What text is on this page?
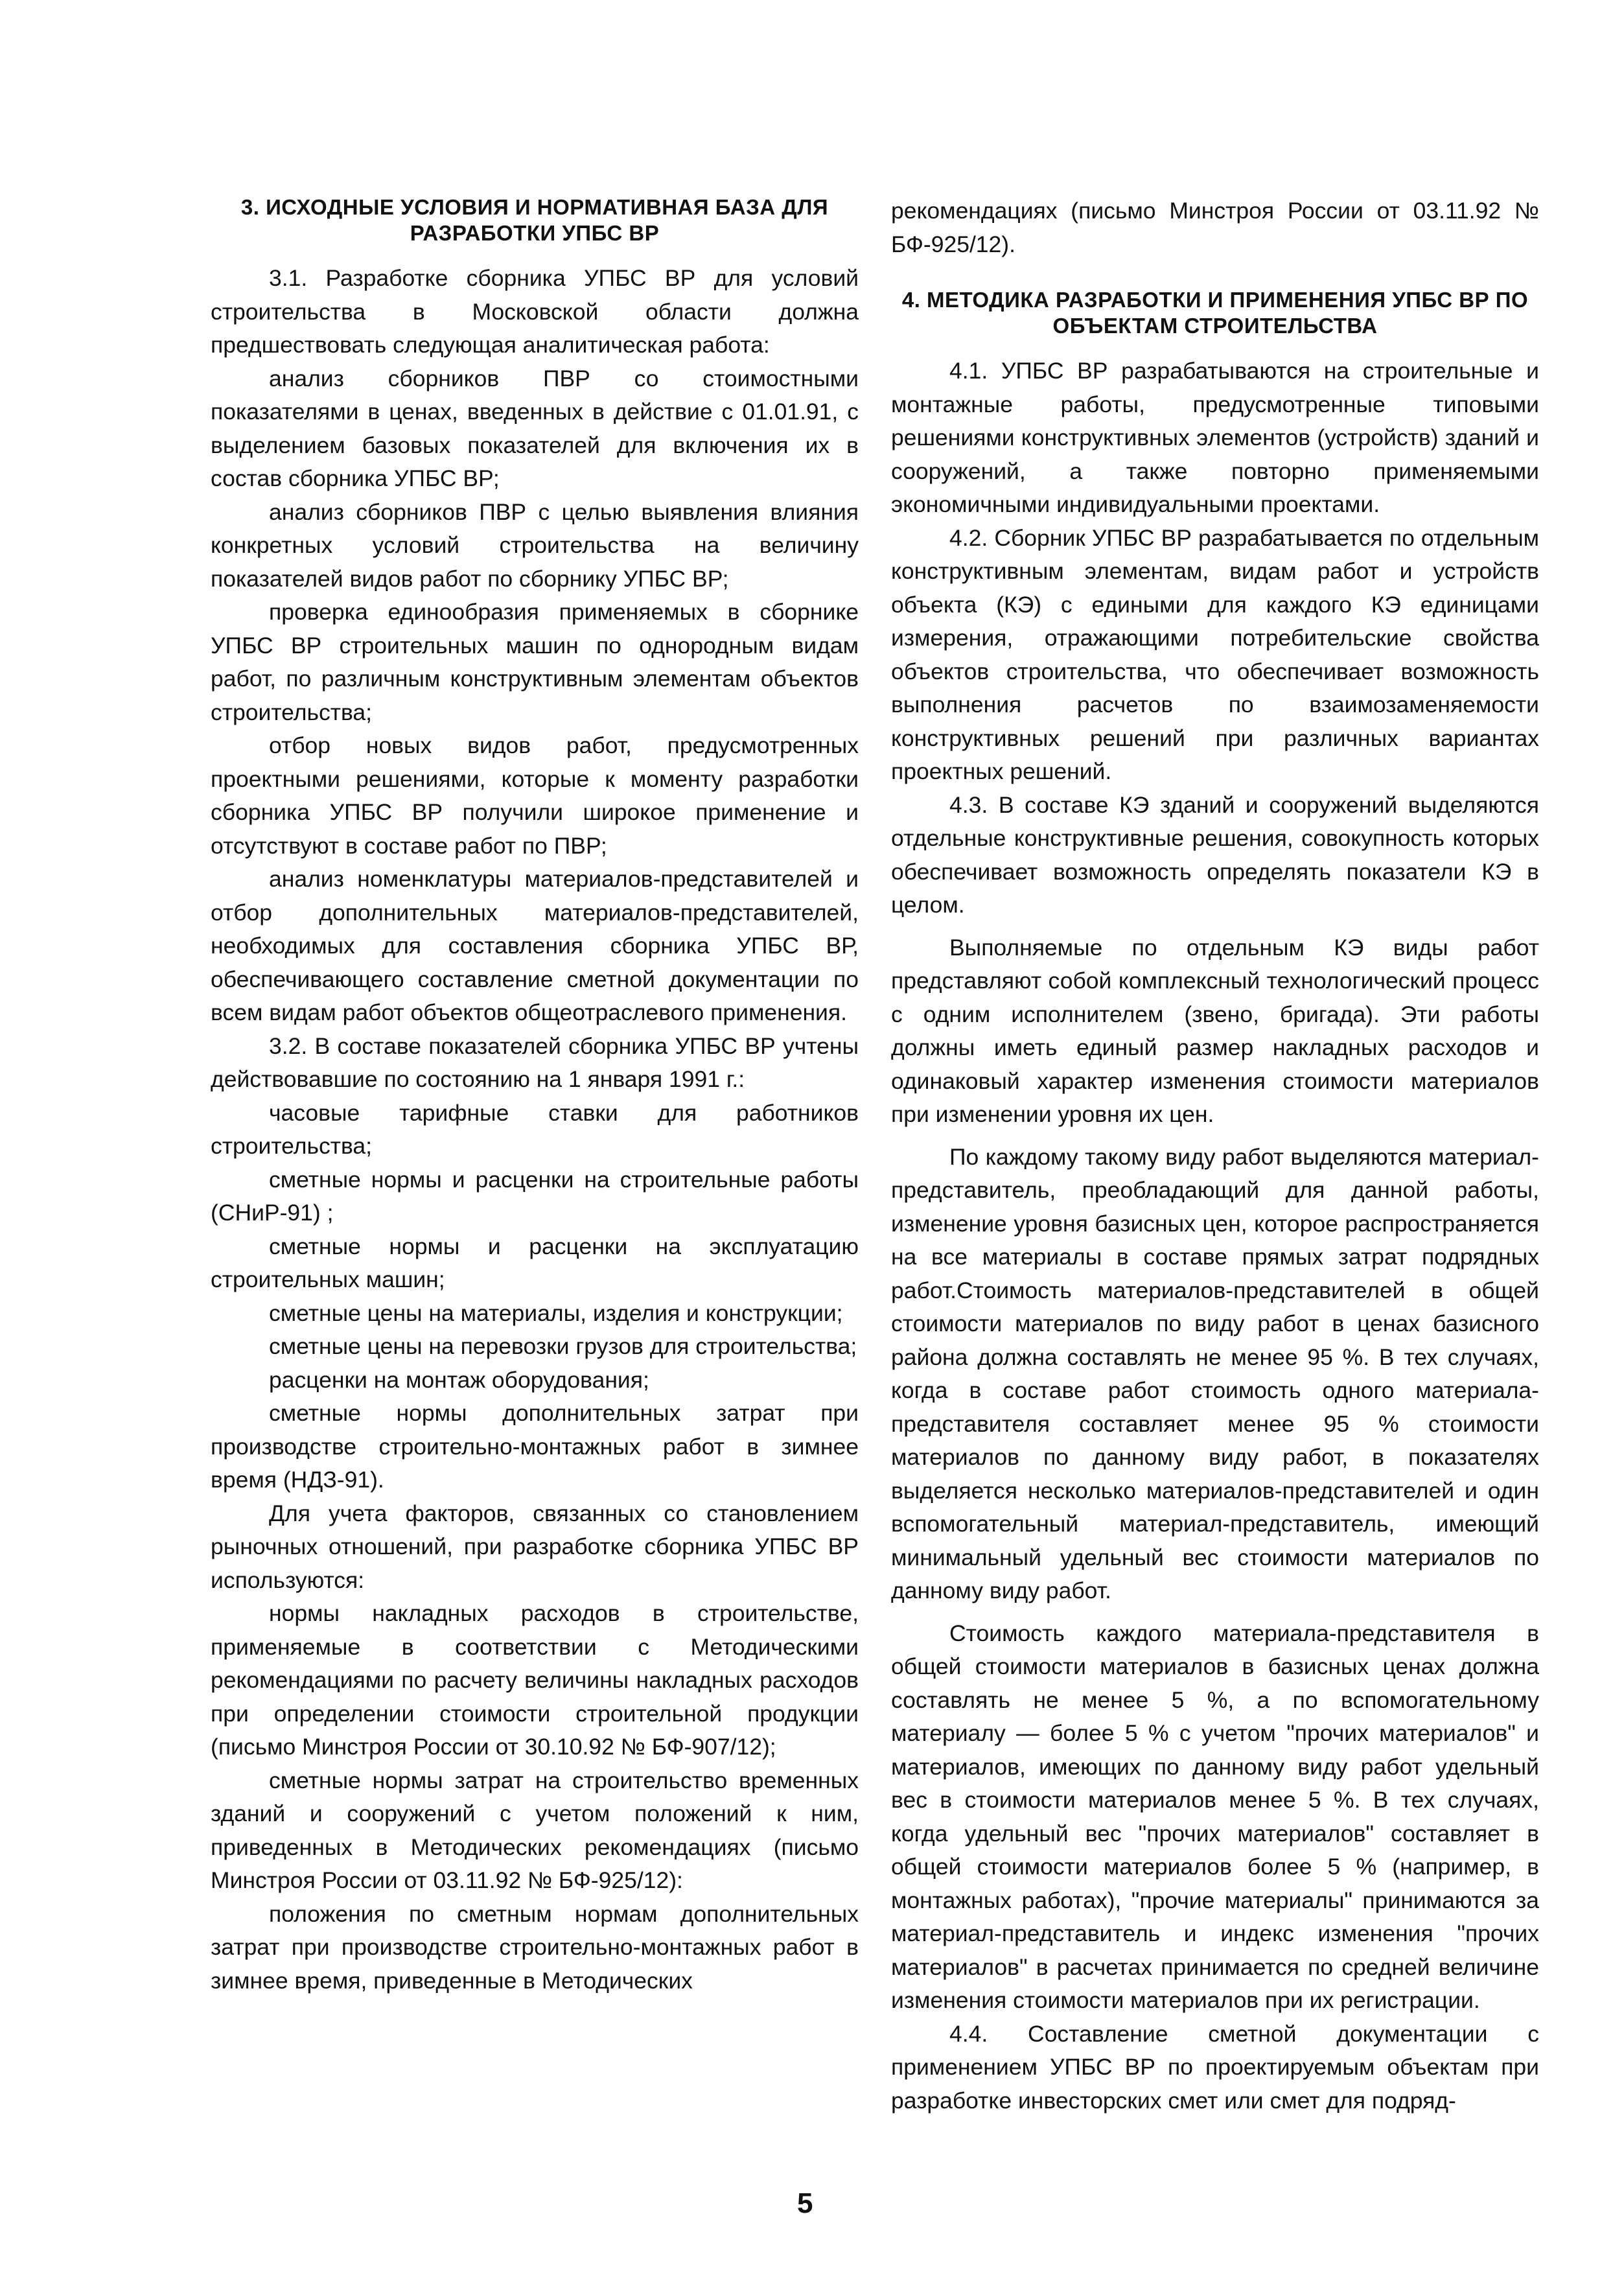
3. ИСХОДНЫЕ УСЛОВИЯ И НОРМАТИВНАЯ БАЗА ДЛЯ РАЗРАБОТКИ УПБС ВР

3.1. Разработке сборника УПБС ВР для условий строительства в Московской области должна предшествовать следующая аналитическая работа:

анализ сборников ПВР со стоимостными показателями в ценах, введенных в действие с 01.01.91, с выделением базовых показателей для включения их в состав сборника УПБС ВР;

анализ сборников ПВР с целью выявления влияния конкретных условий строительства на величину показателей видов работ по сборнику УПБС ВР;

проверка единообразия применяемых в сборнике УПБС ВР строительных машин по однородным видам работ, по различным конструктивным элементам объектов строительства;

отбор новых видов работ, предусмотренных проектными решениями, которые к моменту разработки сборника УПБС ВР получили широкое применение и отсутствуют в составе работ по ПВР;

анализ номенклатуры материалов-представителей и отбор дополнительных материалов-представителей, необходимых для составления сборника УПБС ВР, обеспечивающего составление сметной документации по всем видам работ объектов общеотраслевого применения.

3.2. В составе показателей сборника УПБС ВР учтены действовавшие по состоянию на 1 января 1991 г.:

часовые тарифные ставки для работников строительства;

сметные нормы и расценки на строительные работы (СНиР-91) ;

сметные нормы и расценки на эксплуатацию строительных машин;

сметные цены на материалы, изделия и конструкции;

сметные цены на перевозки грузов для строительства;

расценки на монтаж оборудования;

сметные нормы дополнительных затрат при производстве строительно-монтажных работ в зимнее время (НДЗ-91).

Для учета факторов, связанных со становлением рыночных отношений, при разработке сборника УПБС ВР используются:

нормы накладных расходов в строительстве, применяемые в соответствии с Методическими рекомендациями по расчету величины накладных расходов при определении стоимости строительной продукции (письмо Минстроя России от 30.10.92 № БФ-907/12);

сметные нормы затрат на строительство временных зданий и сооружений с учетом положений к ним, приведенных в Методических рекомендациях (письмо Минстроя России от 03.11.92 № БФ-925/12):

положения по сметным нормам дополнительных затрат при производстве строительно-монтажных работ в зимнее время, приведенные в Методических

рекомендациях (письмо Минстроя России от 03.11.92 № БФ-925/12).

4. МЕТОДИКА РАЗРАБОТКИ И ПРИМЕНЕНИЯ УПБС ВР ПО ОБЪЕКТАМ СТРОИТЕЛЬСТВА

4.1. УПБС ВР разрабатываются на строительные и монтажные работы, предусмотренные типовыми решениями конструктивных элементов (устройств) зданий и сооружений, а также повторно применяемыми экономичными индивидуальными проектами.

4.2. Сборник УПБС ВР разрабатывается по отдельным конструктивным элементам, видам работ и устройств объекта (КЭ) с едиными для каждого КЭ единицами измерения, отражающими потребительские свойства объектов строительства, что обеспечивает возможность выполнения расчетов по взаимозаменяемости конструктивных решений при различных вариантах проектных решений.

4.3. В составе КЭ зданий и сооружений выделяются отдельные конструктивные решения, совокупность которых обеспечивает возможность определять показатели КЭ в целом.

Выполняемые по отдельным КЭ виды работ представляют собой комплексный технологический процесс с одним исполнителем (звено, бригада). Эти работы должны иметь единый размер накладных расходов и одинаковый характер изменения стоимости материалов при изменении уровня их цен.

По каждому такому виду работ выделяются материал-представитель, преобладающий для данной работы, изменение уровня базисных цен, которое распространяется на все материалы в составе прямых затрат подрядных работ.Стоимость материалов-представителей в общей стоимости материалов по виду работ в ценах базисного района должна составлять не менее 95 %. В тех случаях, когда в составе работ стоимость одного материала-представителя составляет менее 95 % стоимости материалов по данному виду работ, в показателях выделяется несколько материалов-представителей и один вспомогательный материал-представитель, имеющий минимальный удельный вес стоимости материалов по данному виду работ.

Стоимость каждого материала-представителя в общей стоимости материалов в базисных ценах должна составлять не менее 5 %, а по вспомогательному материалу — более 5 % с учетом "прочих материалов" и материалов, имеющих по данному виду работ удельный вес в стоимости материалов менее 5 %. В тех случаях, когда удельный вес "прочих материалов" составляет в общей стоимости материалов более 5 % (например, в монтажных работах), "прочие материалы" принимаются за материал-представитель и индекс изменения "прочих материалов" в расчетах принимается по средней величине изменения стоимости материалов при их регистрации.

4.4. Составление сметной документации с применением УПБС ВР по проектируемым объектам при разработке инвесторских смет или смет для подряд-

5
